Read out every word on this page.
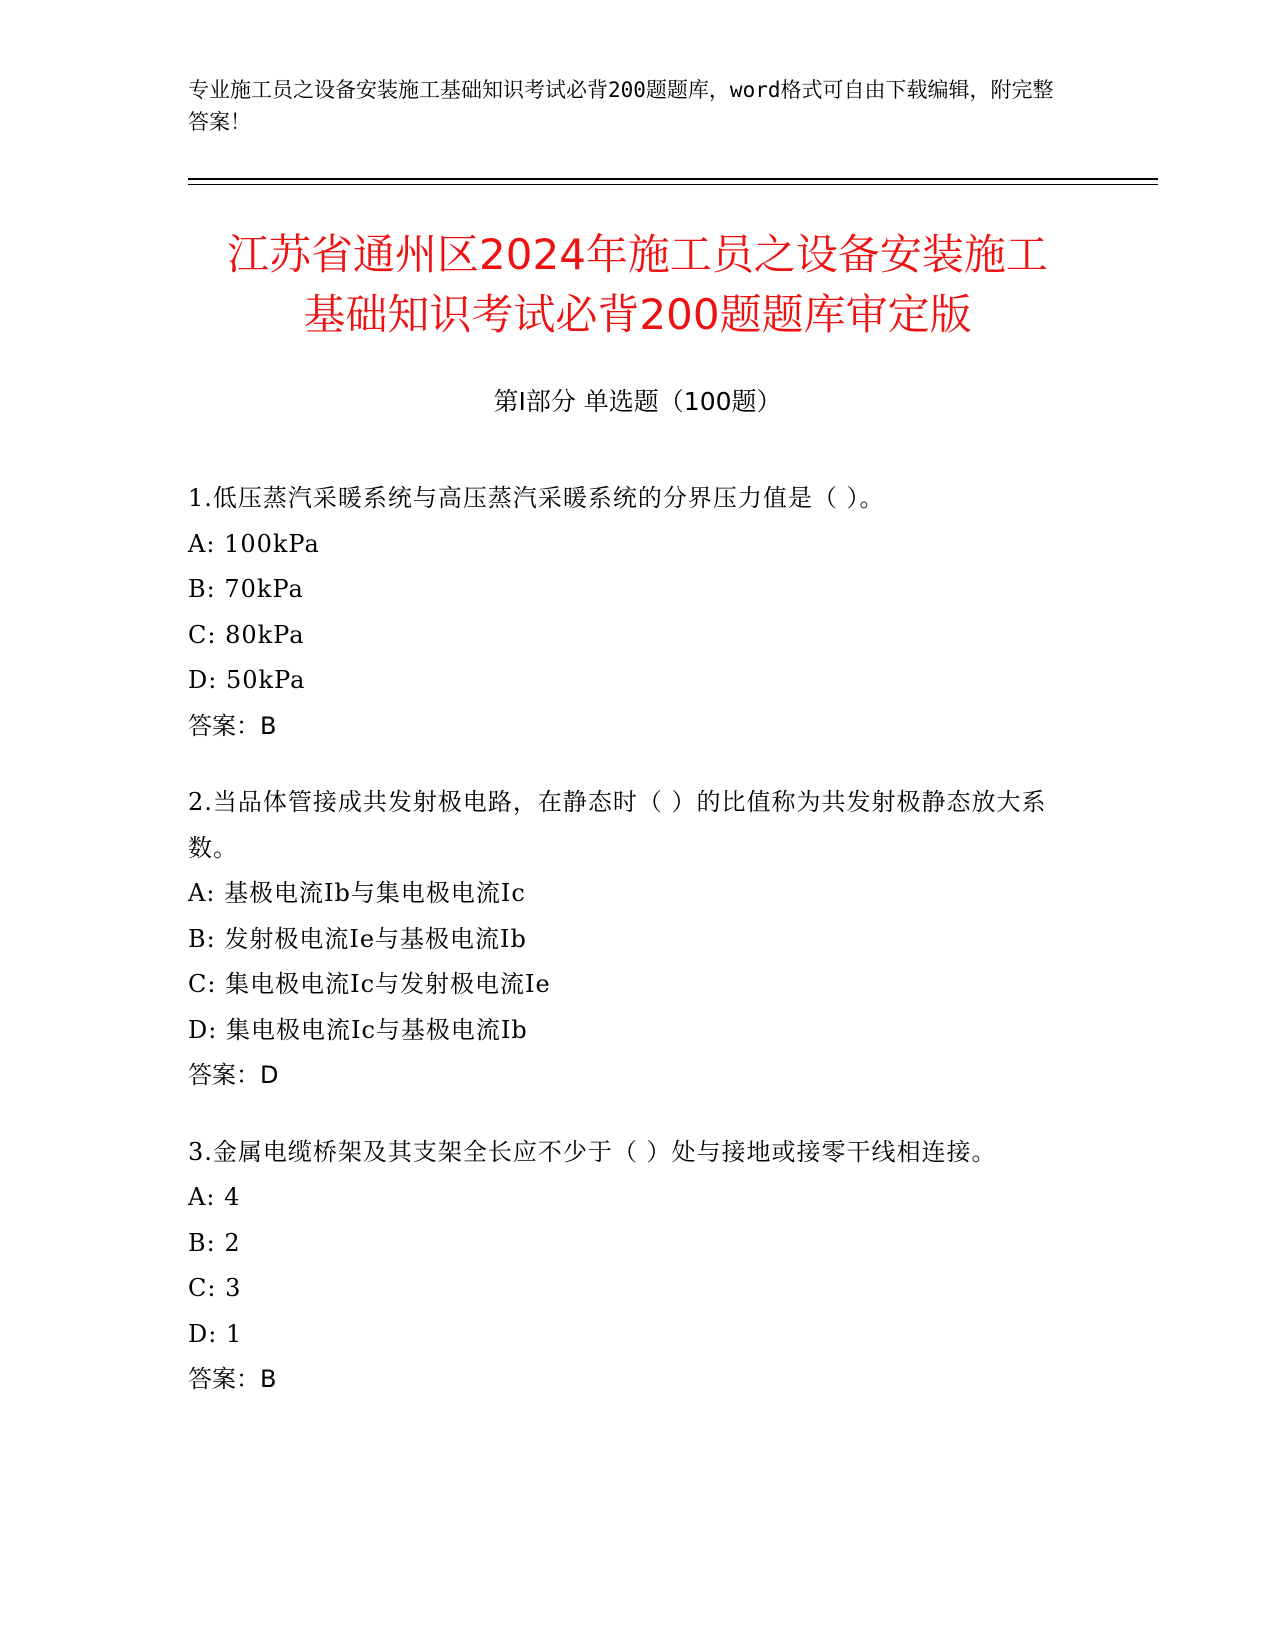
专业施工员之设备安装施工基础知识考试必背200题题库，word格式可自由下载编辑，附完整答案！
江苏省通州区2024年施工员之设备安装施工
基础知识考试必背200题题库审定版
第Ⅰ部分 单选题（100题）
1.低压蒸汽采暖系统与高压蒸汽采暖系统的分界压力值是（ ）。
A: 100kPa
B: 70kPa
C: 80kPa
D: 50kPa
答案：B
2.当品体管接成共发射极电路，在静态时（ ）的比值称为共发射极静态放大系数。
A: 基极电流Ib与集电极电流Ic
B: 发射极电流Ie与基极电流Ib
C: 集电极电流Ic与发射极电流Ie
D: 集电极电流Ic与基极电流Ib
答案：D
3.金属电缆桥架及其支架全长应不少于（ ）处与接地或接零干线相连接。
A: 4
B: 2
C: 3
D: 1
答案：B
